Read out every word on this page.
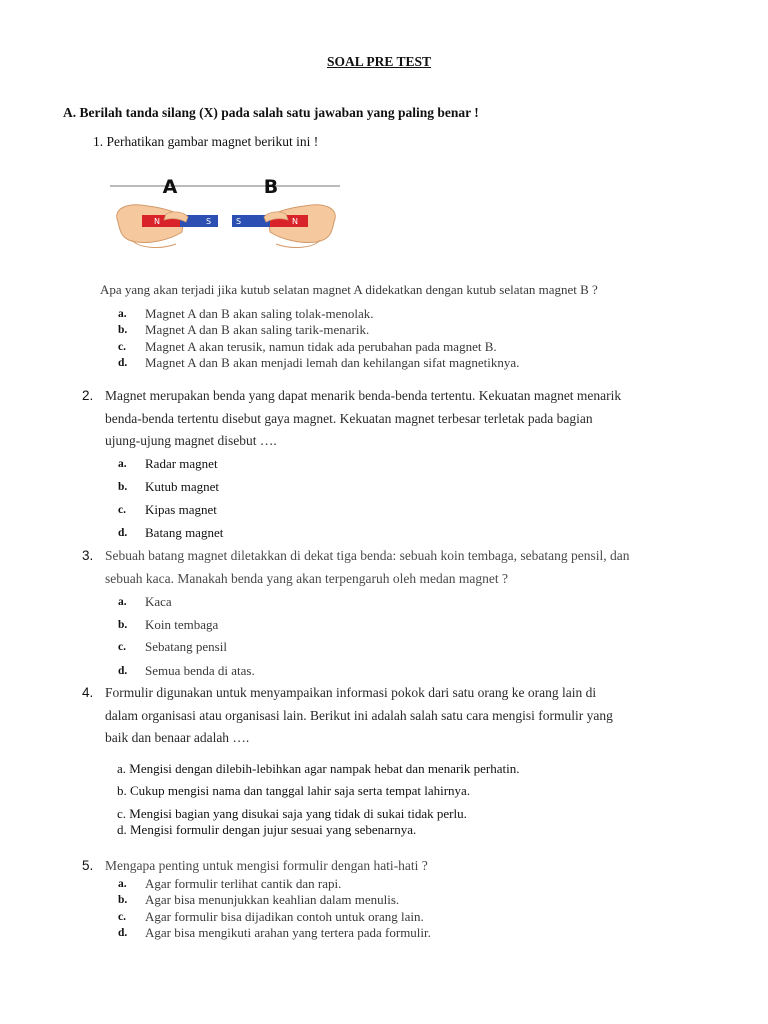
SOAL PRE TEST
A. Berilah tanda silang (X) pada salah satu jawaban yang paling benar !
1. Perhatikan gambar magnet berikut ini !
A	B
N	S	S	N
Apa yang akan terjadi jika kutub selatan magnet A didekatkan dengan kutub selatan magnet B ?
a. Magnet A dan B akan saling tolak-menolak.
b. Magnet A dan B akan saling tarik-menarik.
c. Magnet A akan terusik, namun tidak ada perubahan pada magnet B.
d. Magnet A dan B akan menjadi lemah dan kehilangan sifat magnetiknya.
2. Magnet merupakan benda yang dapat menarik benda-benda tertentu. Kekuatan magnet menarik
benda-benda tertentu disebut gaya magnet. Kekuatan magnet terbesar terletak pada bagian
ujung-ujung magnet disebut ….
a. Radar magnet
b. Kutub magnet
c. Kipas magnet
d. Batang magnet
3. Sebuah batang magnet diletakkan di dekat tiga benda: sebuah koin tembaga, sebatang pensil, dan
sebuah kaca. Manakah benda yang akan terpengaruh oleh medan magnet ?
a. Kaca
b. Koin tembaga
c. Sebatang pensil
d. Semua benda di atas.
4. Formulir digunakan untuk menyampaikan informasi pokok dari satu orang ke orang lain di
dalam organisasi atau organisasi lain. Berikut ini adalah salah satu cara mengisi formulir yang
baik dan benaar adalah ….
a. Mengisi dengan dilebih-lebihkan agar nampak hebat dan menarik perhatin.
b. Cukup mengisi nama dan tanggal lahir saja serta tempat lahirnya.
c. Mengisi bagian yang disukai saja yang tidak di sukai tidak perlu.
d. Mengisi formulir dengan jujur sesuai yang sebenarnya.
5. Mengapa penting untuk mengisi formulir dengan hati-hati ?
a. Agar formulir terlihat cantik dan rapi.
b. Agar bisa menunjukkan keahlian dalam menulis.
c. Agar formulir bisa dijadikan contoh untuk orang lain.
d. Agar bisa mengikuti arahan yang tertera pada formulir.
